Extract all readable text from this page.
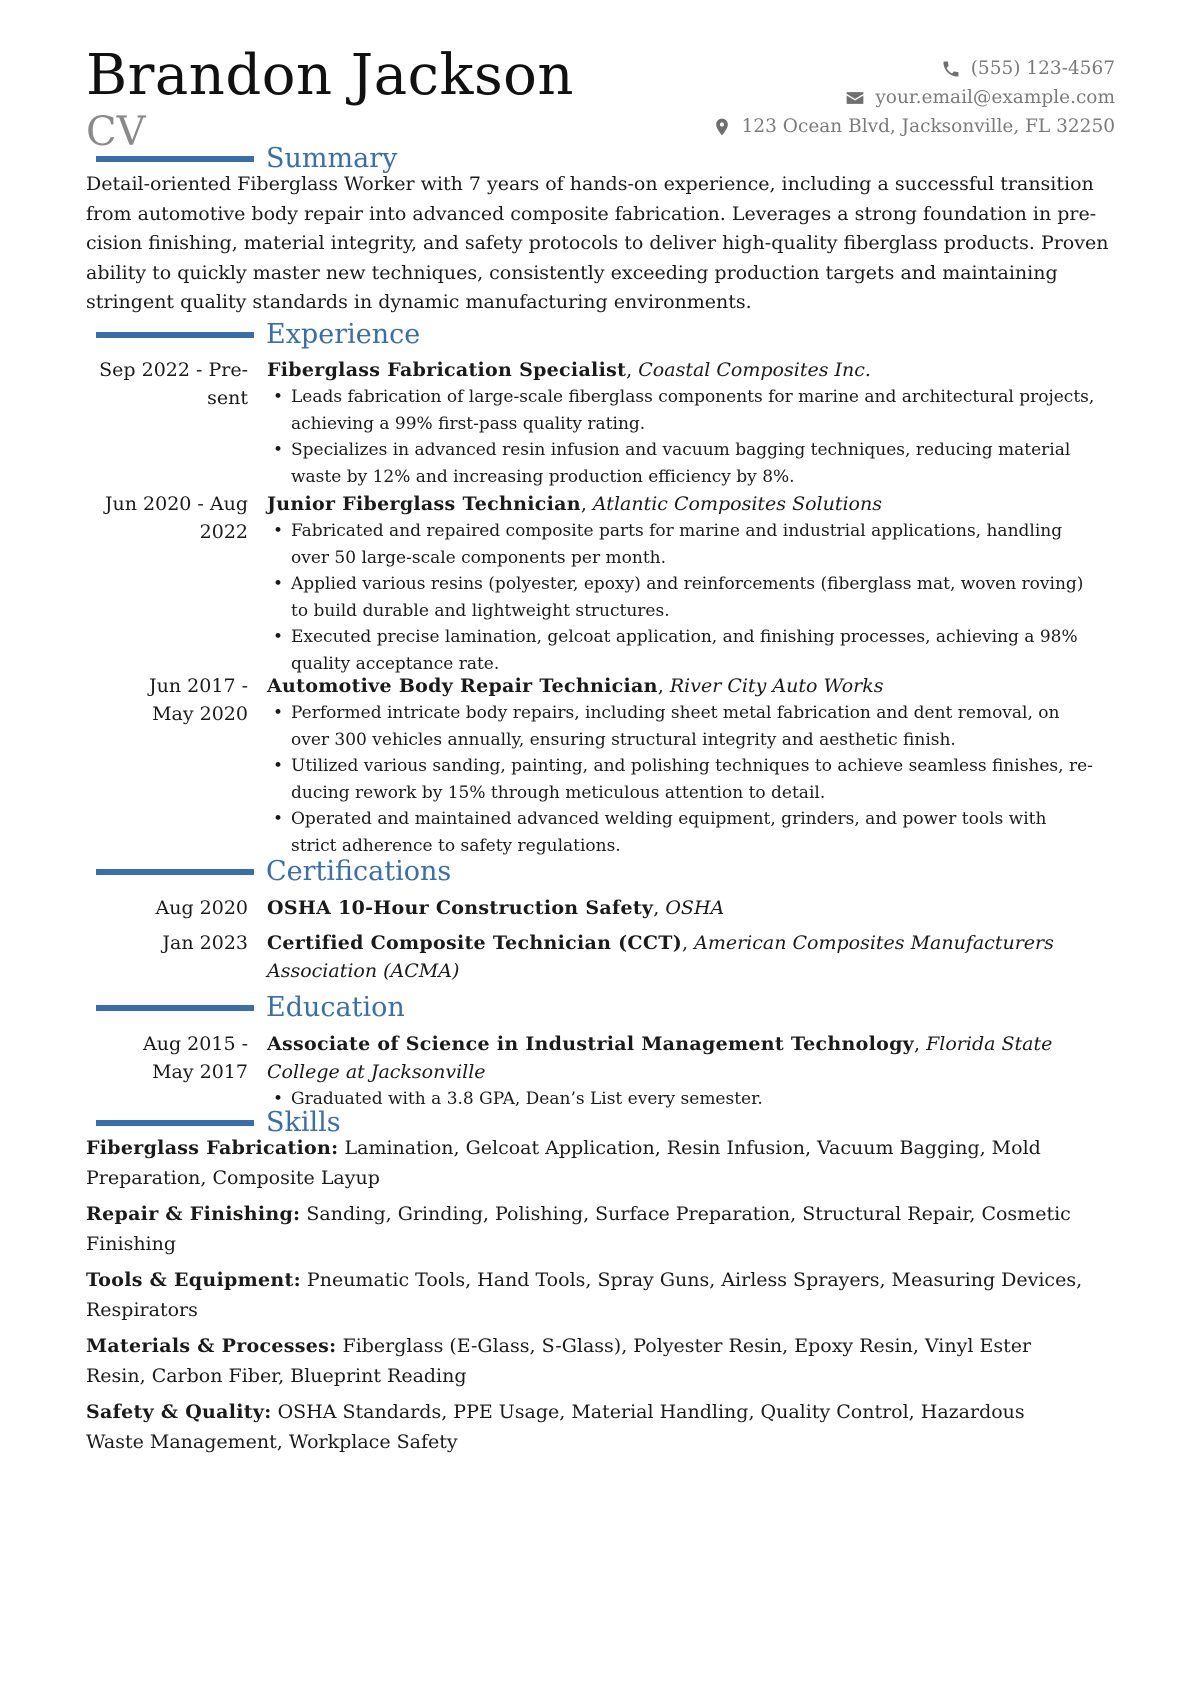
Brandon Jackson
CV
(555) 123-4567
your.email@example.com
123 Ocean Blvd, Jacksonville, FL 32250
Summary
Detail-oriented Fiberglass Worker with 7 years of hands-on experience, including a successful transition
from automotive body repair into advanced composite fabrication. Leverages a strong foundation in pre-
cision finishing, material integrity, and safety protocols to deliver high-quality fiberglass products. Proven
ability to quickly master new techniques, consistently exceeding production targets and maintaining
stringent quality standards in dynamic manufacturing environments.
Experience
Sep 2022 - Pre-
sent
Fiberglass Fabrication Specialist, Coastal Composites Inc.
• Leads fabrication of large-scale fiberglass components for marine and architectural projects,
achieving a 99% first-pass quality rating.
• Specializes in advanced resin infusion and vacuum bagging techniques, reducing material
waste by 12% and increasing production efficiency by 8%.
Jun 2020 - Aug
2022
Junior Fiberglass Technician, Atlantic Composites Solutions
• Fabricated and repaired composite parts for marine and industrial applications, handling
over 50 large-scale components per month.
• Applied various resins (polyester, epoxy) and reinforcements (fiberglass mat, woven roving)
to build durable and lightweight structures.
• Executed precise lamination, gelcoat application, and finishing processes, achieving a 98%
quality acceptance rate.
Jun 2017 -
May 2020
Automotive Body Repair Technician, River City Auto Works
• Performed intricate body repairs, including sheet metal fabrication and dent removal, on
over 300 vehicles annually, ensuring structural integrity and aesthetic finish.
• Utilized various sanding, painting, and polishing techniques to achieve seamless finishes, re-
ducing rework by 15% through meticulous attention to detail.
• Operated and maintained advanced welding equipment, grinders, and power tools with
strict adherence to safety regulations.
Certifications
Aug 2020 OSHA 10-Hour Construction Safety, OSHA
Jan 2023 Certified Composite Technician (CCT), American Composites Manufacturers
Association (ACMA)
Education
Aug 2015 -
May 2017
Associate of Science in Industrial Management Technology, Florida State
College at Jacksonville
• Graduated with a 3.8 GPA, Dean’s List every semester.
Skills
Fiberglass Fabrication: Lamination, Gelcoat Application, Resin Infusion, Vacuum Bagging, Mold
Preparation, Composite Layup
Repair & Finishing: Sanding, Grinding, Polishing, Surface Preparation, Structural Repair, Cosmetic
Finishing
Tools & Equipment: Pneumatic Tools, Hand Tools, Spray Guns, Airless Sprayers, Measuring Devices,
Respirators
Materials & Processes: Fiberglass (E-Glass, S-Glass), Polyester Resin, Epoxy Resin, Vinyl Ester
Resin, Carbon Fiber, Blueprint Reading
Safety & Quality: OSHA Standards, PPE Usage, Material Handling, Quality Control, Hazardous
Waste Management, Workplace Safety
